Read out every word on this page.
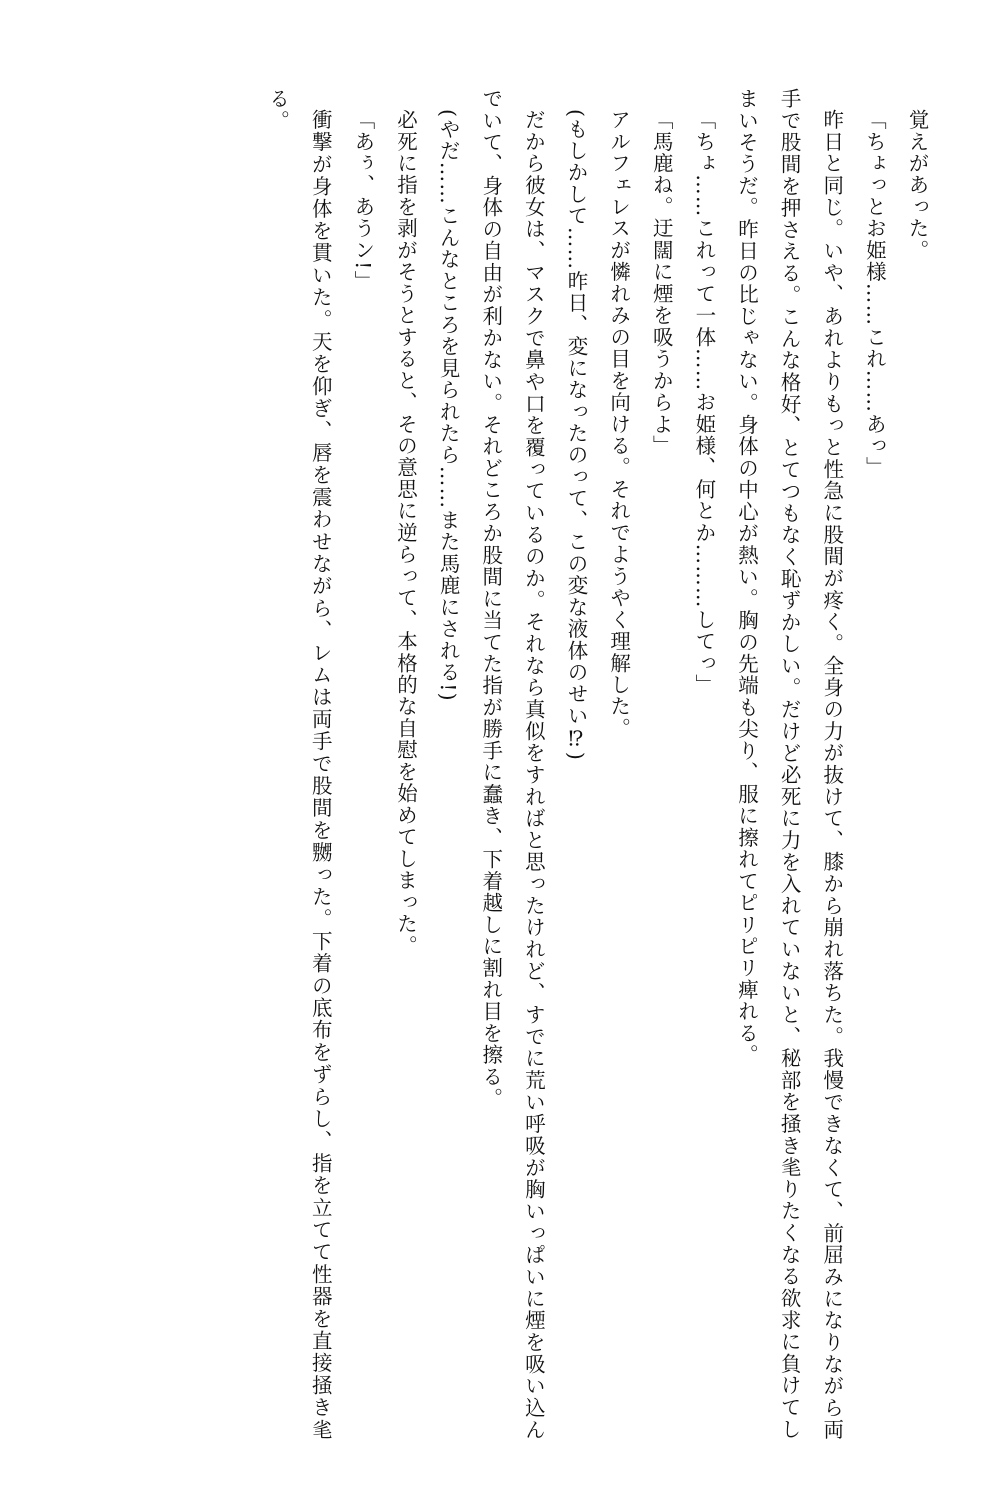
覚えがあった。

「ちょっとお姫様……これ……あっ」

昨日と同じ。いや、あれよりもっと性急に股間が疼く。全身の力が抜けて、膝から崩れ落ちた。我慢できなくて、前屈みになりながら両手で股間を押さえる。こんな格好、とてつもなく恥ずかしい。だけど必死に力を入れていないと、秘部を掻き毟りたくなる欲求に負けてしまいそうだ。昨日の比じゃない。身体の中心が熱い。胸の先端も尖り、服に擦れてピリピリ痺れる。

「ちょ……これって一体……お姫様、何とか………してっ」

「馬鹿ね。迂闊に煙を吸うからよ」

アルフェレスが憐れみの目を向ける。それでようやく理解した。

(もしかして……昨日、変になったのって、この変な液体のせい⁉)

だから彼女は、マスクで鼻や口を覆っているのか。それなら真似をすればと思ったけれど、すでに荒い呼吸が胸いっぱいに煙を吸い込んでいて、身体の自由が利かない。それどころか股間に当てた指が勝手に蠢き、下着越しに割れ目を擦る。

(やだ……こんなところを見られたら……また馬鹿にされる!)

必死に指を剥がそうとすると、その意思に逆らって、本格的な自慰を始めてしまった。

「あぅ、あうン!」

衝撃が身体を貫いた。天を仰ぎ、唇を震わせながら、レムは両手で股間を嬲った。下着の底布をずらし、指を立てて性器を直接掻き毟る。
